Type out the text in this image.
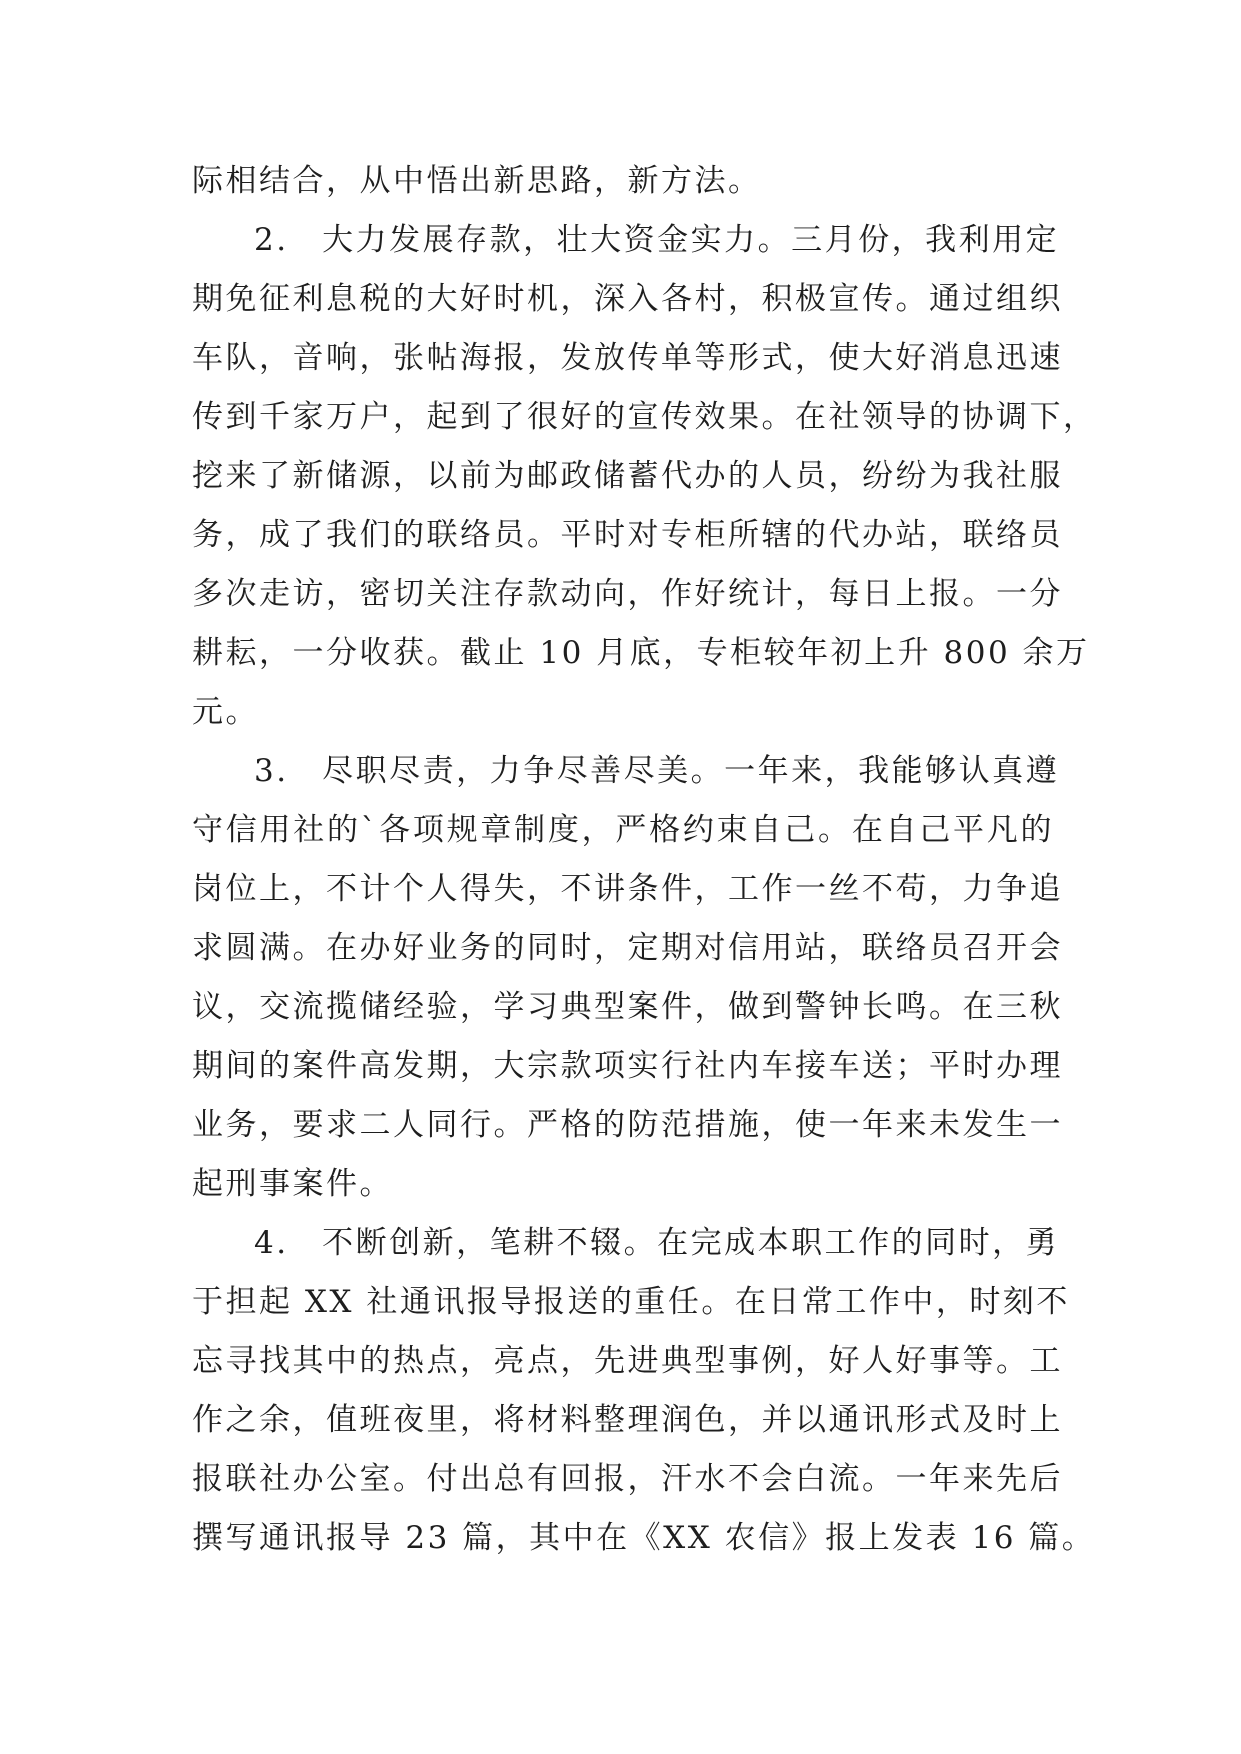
际相结合，从中悟出新思路，新方法。
2.　大力发展存款，壮大资金实力。三月份，我利用定
期免征利息税的大好时机，深入各村，积极宣传。通过组织
车队，音响，张帖海报，发放传单等形式，使大好消息迅速
传到千家万户，起到了很好的宣传效果。在社领导的协调下，
挖来了新储源，以前为邮政储蓄代办的人员，纷纷为我社服
务，成了我们的联络员。平时对专柜所辖的代办站，联络员
多次走访，密切关注存款动向，作好统计，每日上报。一分
耕耘，一分收获。截止 10 月底，专柜较年初上升 800 余万
元。
3.　尽职尽责，力争尽善尽美。一年来，我能够认真遵
守信用社的`各项规章制度，严格约束自己。在自己平凡的
岗位上，不计个人得失，不讲条件，工作一丝不苟，力争追
求圆满。在办好业务的同时，定期对信用站，联络员召开会
议，交流揽储经验，学习典型案件，做到警钟长鸣。在三秋
期间的案件高发期，大宗款项实行社内车接车送；平时办理
业务，要求二人同行。严格的防范措施，使一年来未发生一
起刑事案件。
4.　不断创新，笔耕不辍。在完成本职工作的同时，勇
于担起 XX 社通讯报导报送的重任。在日常工作中，时刻不
忘寻找其中的热点，亮点，先进典型事例，好人好事等。工
作之余，值班夜里，将材料整理润色，并以通讯形式及时上
报联社办公室。付出总有回报，汗水不会白流。一年来先后
撰写通讯报导 23 篇，其中在《XX 农信》报上发表 16 篇。
